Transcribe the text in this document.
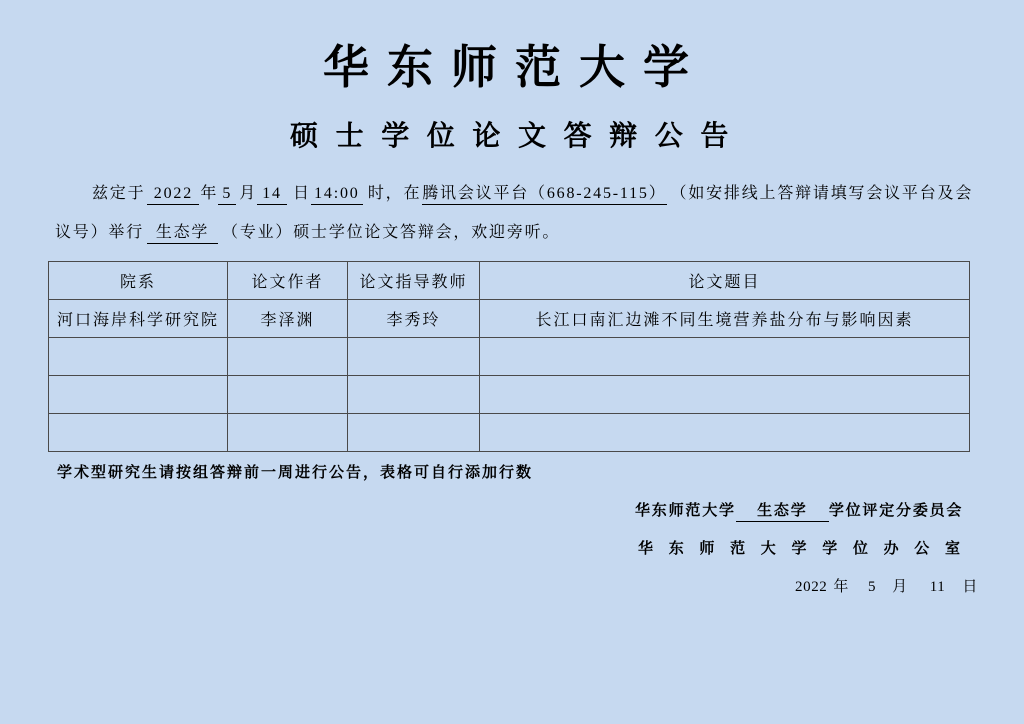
华东师范大学
硕士学位论文答辩公告
兹定于 2022 年 5 月 14 日 14:00 时，在 腾讯会议平台（668-245-115） （如安排线上答辩请填写会议平台及会
议号）举行 生态学 （专业）硕士学位论文答辩会，欢迎旁听。
院系	论文作者	论文指导教师	论文题目
河口海岸科学研究院	李泽渊	李秀玲	长江口南汇边滩不同生境营养盐分布与影响因素

学术型研究生请按组答辩前一周进行公告，表格可自行添加行数
华东师范大学	生态学	学位评定分委员会
华东师范大学学位办公室
2022 年 5 月 11 日
